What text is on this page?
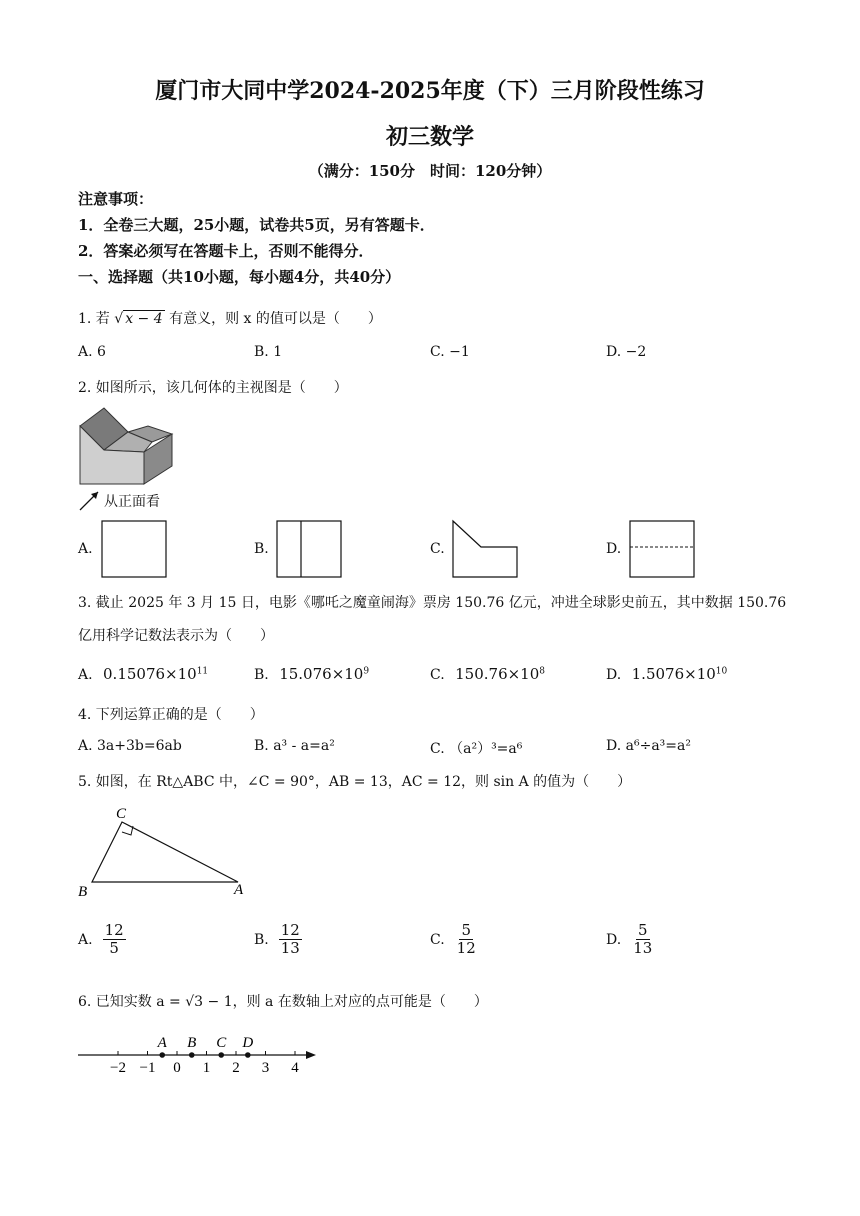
厦门市大同中学2024-2025年度（下）三月阶段性练习
初三数学
（满分：150分　时间：120分钟）
注意事项：
1．全卷三大题，25小题，试卷共5页，另有答题卡．
2．答案必须写在答题卡上，否则不能得分．
一、选择题（共10小题，每小题4分，共40分）
1. 若 √ x − 4 有意义，则 x 的值可以是（　　）
A. 6	B. 1	C. −1	D. −2
2. 如图所示，该几何体的主视图是（　　）
从正面看
A.	B.	C.	D.
3. 截止 2025 年 3 月 15 日，电影《哪吒之魔童闹海》票房 150.76 亿元，冲进全球影史前五，其中数据 150.76
亿用科学记数法表示为（　　）
A. $0.15076\times 10^{11}$	B. $15.076\times 10^9$	C. $150.76\times 10^8$	D. $1.5076\times 10^{10}$
4. 下列运算正确的是（　　）
A. 3a+3b=6ab	B. a³ ‑ a=a²	C. （a²）³=a⁶	D. a⁶÷a³=a²
5. 如图，在 Rt△ABC 中，∠C = 90°，AB = 13，AC = 12，则 sin A 的值为（　　）
C
B	A
A. $\frac{12}{5}$	B. $\frac{12}{13}$	C. $\frac{5}{12}$	D. $\frac{5}{13}$
6. 已知实数 a = √3 − 1，则 a 在数轴上对应的点可能是（　　）
−2 −1 0 1 2 3 4
A B C D
